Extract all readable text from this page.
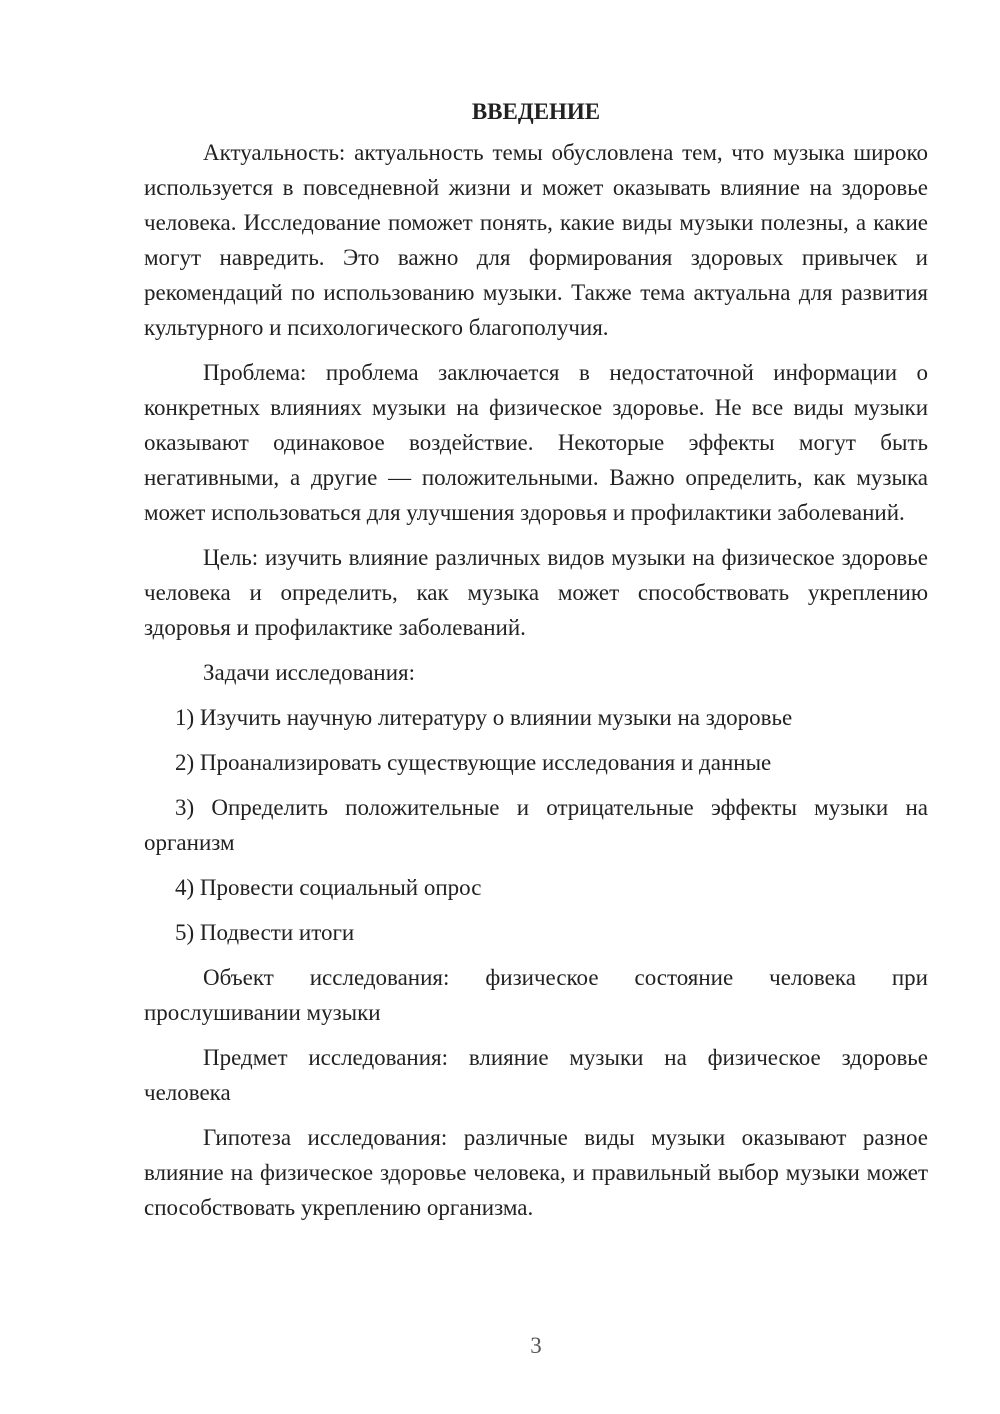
ВВЕДЕНИЕ

Актуальность: актуальность темы обусловлена тем, что музыка широко используется в повседневной жизни и может оказывать влияние на здоровье человека. Исследование поможет понять, какие виды музыки полезны, а какие могут навредить. Это важно для формирования здоровых привычек и рекомендаций по использованию музыки. Также тема актуальна для развития культурного и психологического благополучия.

Проблема: проблема заключается в недостаточной информации о конкретных влияниях музыки на физическое здоровье. Не все виды музыки оказывают одинаковое воздействие. Некоторые эффекты могут быть негативными, а другие — положительными. Важно определить, как музыка может использоваться для улучшения здоровья и профилактики заболеваний.

Цель: изучить влияние различных видов музыки на физическое здоровье человека и определить, как музыка может способствовать укреплению здоровья и профилактике заболеваний.

Задачи исследования:

1) Изучить научную литературу о влиянии музыки на здоровье
2) Проанализировать существующие исследования и данные
3) Определить положительные и отрицательные эффекты музыки на организм
4) Провести социальный опрос
5) Подвести итоги

Объект исследования: физическое состояние человека при прослушивании музыки

Предмет исследования: влияние музыки на физическое здоровье человека

Гипотеза исследования: различные виды музыки оказывают разное влияние на физическое здоровье человека, и правильный выбор музыки может способствовать укреплению организма.

3
